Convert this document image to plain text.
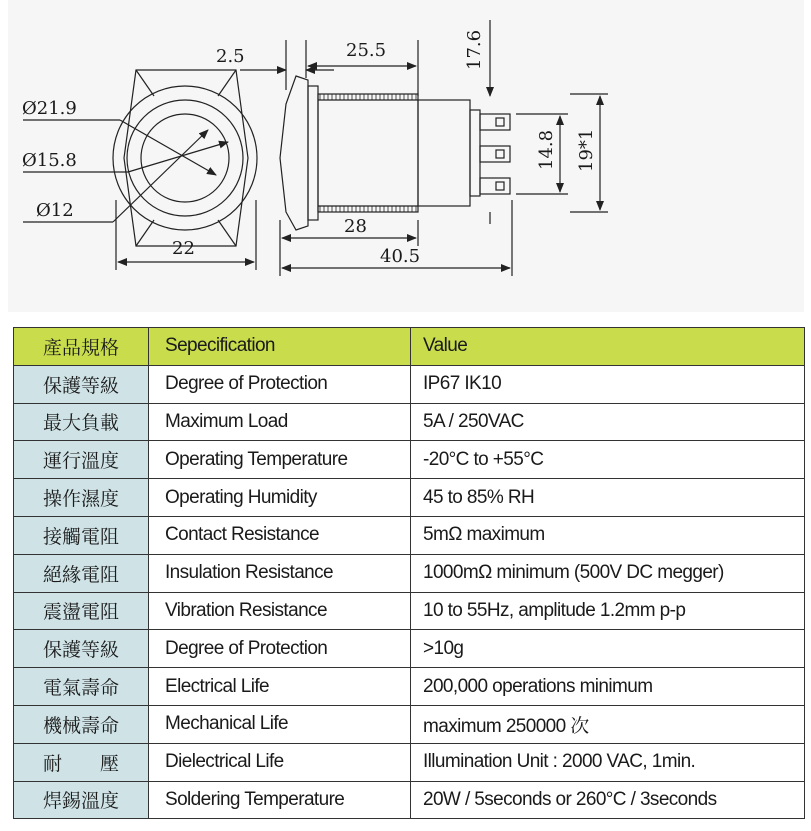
Ø21.9
Ø15.8
Ø12
22
2.5	25.5
28
40.5
17.6
14.8 19*1
產品規格	Sepecification	Value
保護等級	Degree of Protection	IP67 IK10
最大負載	Maximum Load	5A / 250VAC
運行溫度	Operating Temperature	-20°C to +55°C
操作濕度	Operating Humidity	45 to 85% RH
接觸電阻	Contact Resistance	5mΩ maximum
絕緣電阻	Insulation Resistance	1000mΩ minimum (500V DC megger)
震盪電阻	Vibration Resistance	10 to 55Hz, amplitude 1.2mm p-p
保護等級	Degree of Protection	>10g
電氣壽命	Electrical Life	200,000 operations minimum
機械壽命	Mechanical Life	maximum 250000 次
耐　　壓	Dielectrical Life	Illumination Unit : 2000 VAC, 1min.
焊錫溫度	Soldering Temperature	20W / 5seconds or 260°C / 3seconds
